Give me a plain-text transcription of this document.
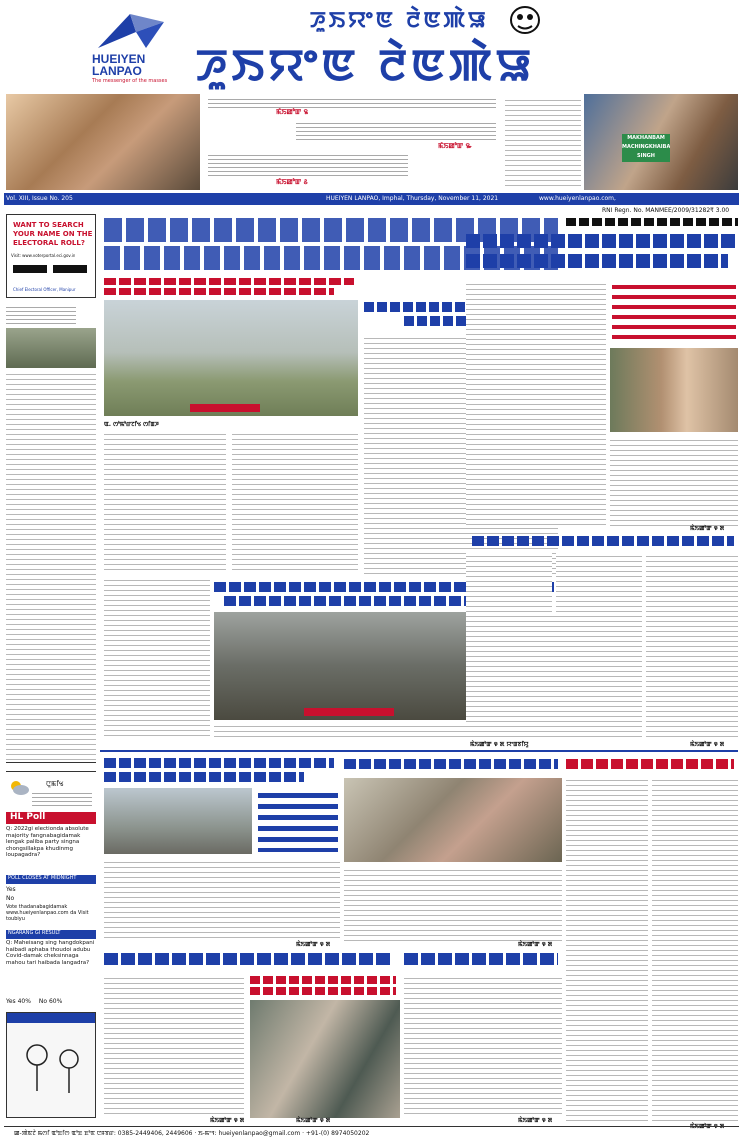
HUEIYEN
LANPAO
The messenger of the masses
ꯍꯨꯏꯌꯦꯟ ꯂꯥꯟꯄꯥꯎ
ꯍꯨꯏꯌꯦꯟ ꯂꯥꯟꯄꯥꯎ
ꯃꯥꯏꯀꯣꯛ ꯲
ꯃꯥꯏꯀꯣꯛ ꯳
ꯃꯥꯏꯀꯣꯛ ꯴
MAKHANBAM MACHINGKHAIBA SINGH
Vol. XIII, Issue No. 205	HUEIYEN LANPAO, Imphal, Thursday, November 11, 2021	www.hueiyenlanpao.com,
RNI Regn. No. MANMEE/2009/31282 ₹ 3.00
WANT TO SEARCH
YOUR NAME ON THE
ELECTORAL ROLL?
Visit: www.voterportal.eci.gov.in
Chief Electoral Officer, Manipur
ꯅꯨꯃꯤꯠ
HL Poll
Q: 2022gi electiondа absolute majority fangnabagidamak lengak paliba party singna chongsillakpa khudinmg loupagadra?
POLL CLOSES AT MIDNIGHT
Yes
No
Vote thadanabagidamak www.hueiyenlanpao.com da Visit toubiyu
NGARANG GI RESULT
Q: Maheisang sing hangdokpani haibadi aphaba thoudoi adubu Covid-damak cheksinnaga mahou tari haibada langadra?
Yes 40% No 60%
ꯑ. ꯁꯣꯃꯣꯔꯖꯤꯠ ꯁꯤꯡꯍ
ꯃꯥꯏꯀꯣꯛ ꯶ ꯗ ꯌꯦꯡꯕꯤꯌꯨ
ꯃꯥꯏꯀꯣꯛ ꯶ ꯗ
ꯃꯥꯏꯀꯣꯛ ꯶ ꯗ
ꯃꯥꯏꯀꯣꯛ ꯶ ꯗ	ꯃꯥꯏꯀꯣꯛ ꯶ ꯗ
ꯃꯥꯏꯀꯣꯛ ꯶ ꯗ
ꯃꯥꯏꯀꯣꯛ ꯶ ꯗ	ꯃꯥꯏꯀꯣꯛ ꯶ ꯗ
ꯃꯥꯏꯀꯣꯛ ꯶ ꯗ
ꯀ-ꯄꯥꯟꯖꯥ ꯃꯁꯤ ꯑꯣꯐꯤꯁ ꯑꯣꯐ ꯐꯣꯟ ꯅꯝꯕꯔ: 0385-2449406, 2449606 · ꯏ-ꯃꯦꯜ: hueiyenlanpao@gmail.com · +91-(0) 8974050202
